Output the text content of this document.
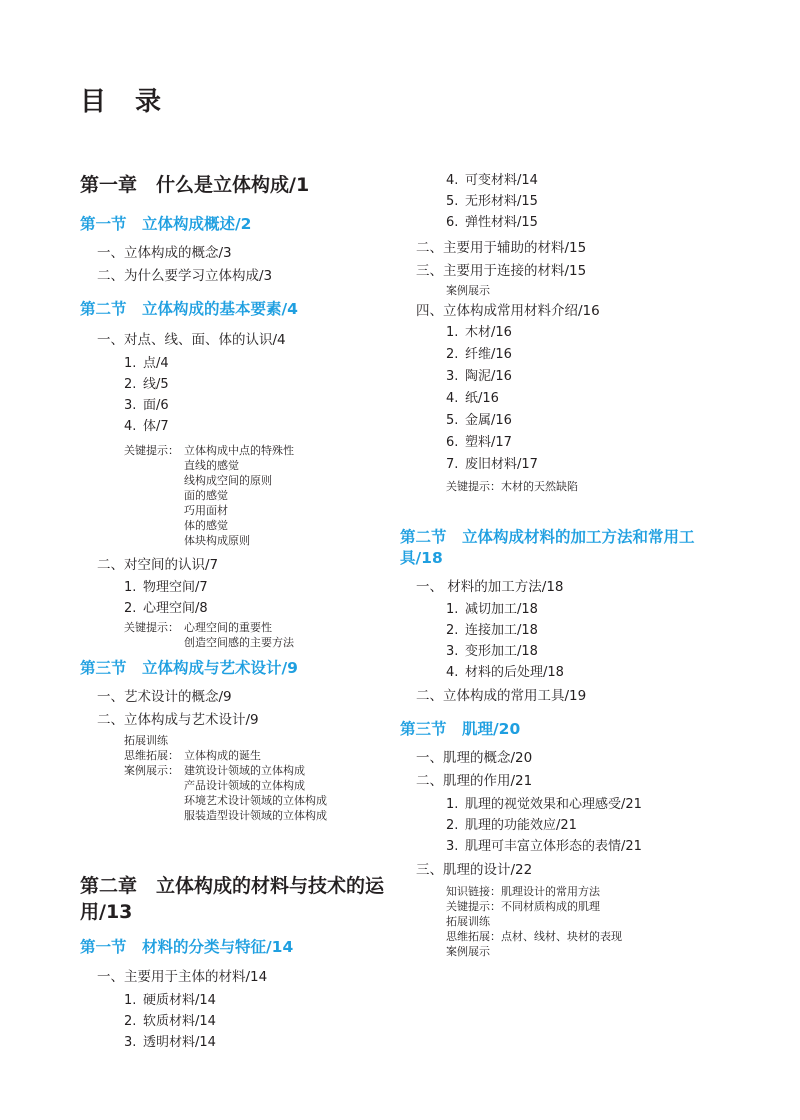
目 录
第一章　什么是立体构成/1
第一节　立体构成概述/2
一、立体构成的概念/3
二、为什么要学习立体构成/3
第二节　立体构成的基本要素/4
一、对点、线、面、体的认识/4
1. 点/4
2. 线/5
3. 面/6
4. 体/7
关键提示： 立体构成中点的特殊性
直线的感觉
线构成空间的原则
面的感觉
巧用面材
体的感觉
体块构成原则
二、对空间的认识/7
1. 物理空间/7
2. 心理空间/8
关键提示： 心理空间的重要性
创造空间感的主要方法
第三节　立体构成与艺术设计/9
一、艺术设计的概念/9
二、立体构成与艺术设计/9
拓展训练
思维拓展： 立体构成的诞生
案例展示： 建筑设计领域的立体构成
产品设计领域的立体构成
环境艺术设计领域的立体构成
服装造型设计领域的立体构成
第二章　立体构成的材料与技术的运
用/13
第一节　材料的分类与特征/14
一、主要用于主体的材料/14
1. 硬质材料/14
2. 软质材料/14
3. 透明材料/14
4. 可变材料/14
5. 无形材料/15
6. 弹性材料/15
二、主要用于辅助的材料/15
三、主要用于连接的材料/15
案例展示
四、立体构成常用材料介绍/16
1. 木材/16
2. 纤维/16
3. 陶泥/16
4. 纸/16
5. 金属/16
6. 塑料/17
7. 废旧材料/17
关键提示：木材的天然缺陷
第二节　立体构成材料的加工方法和常用工
具/18
一、 材料的加工方法/18
1. 减切加工/18
2. 连接加工/18
3. 变形加工/18
4. 材料的后处理/18
二、立体构成的常用工具/19
第三节　肌理/20
一、肌理的概念/20
二、肌理的作用/21
1. 肌理的视觉效果和心理感受/21
2. 肌理的功能效应/21
3. 肌理可丰富立体形态的表情/21
三、肌理的设计/22
知识链接：肌理设计的常用方法
关键提示：不同材质构成的肌理
拓展训练
思维拓展：点材、线材、块材的表现
案例展示
